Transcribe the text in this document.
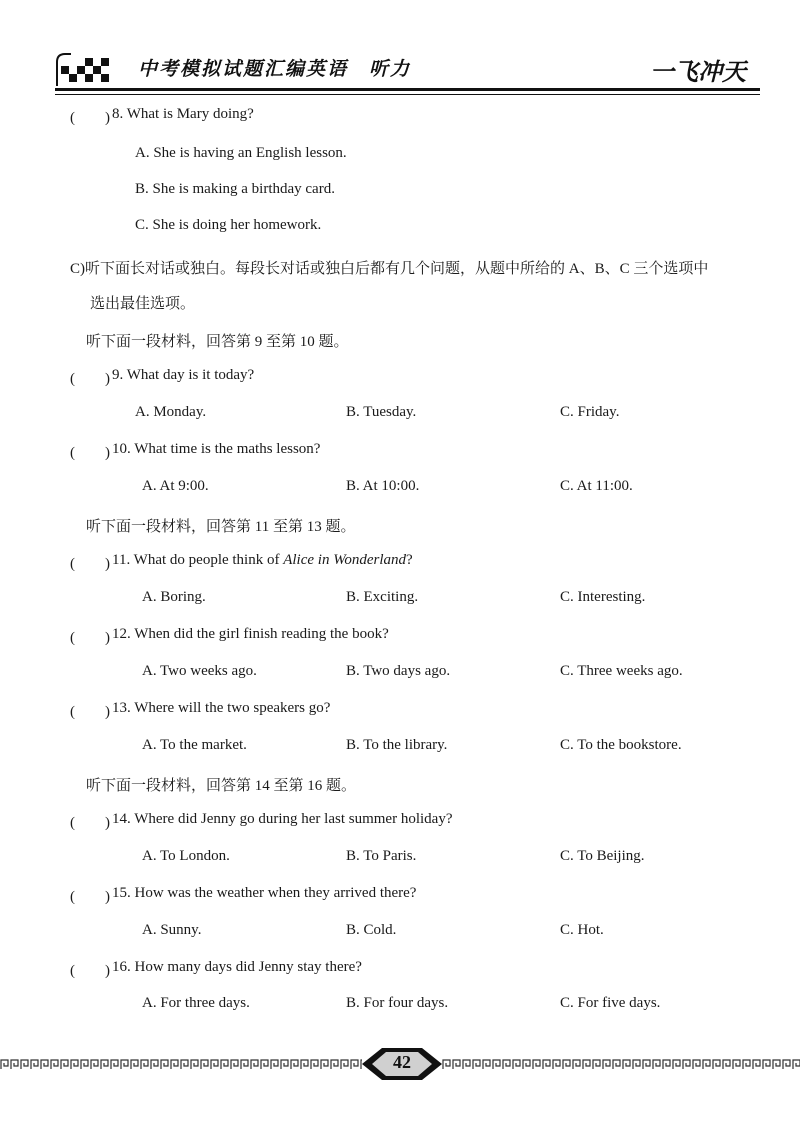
中考模拟试题汇编英语　听力	一飞冲天
(　　) 8. What is Mary doing?
A. She is having an English lesson.
B. She is making a birthday card.
C. She is doing her homework.
C)听下面长对话或独白。每段长对话或独白后都有几个问题，从题中所给的 A、B、C 三个选项中
选出最佳选项。
听下面一段材料，回答第 9 至第 10 题。
(　　) 9. What day is it today?
A. Monday.	B. Tuesday.	C. Friday.
(　　) 10. What time is the maths lesson?
A. At 9:00.	B. At 10:00.	C. At 11:00.
听下面一段材料，回答第 11 至第 13 题。
(　　) 11. What do people think of Alice in Wonderland?
A. Boring.	B. Exciting.	C. Interesting.
(　　) 12. When did the girl finish reading the book?
A. Two weeks ago.	B. Two days ago.	C. Three weeks ago.
(　　) 13. Where will the two speakers go?
A. To the market.	B. To the library.	C. To the bookstore.
听下面一段材料，回答第 14 至第 16 题。
(　　) 14. Where did Jenny go during her last summer holiday?
A. To London.	B. To Paris.	C. To Beijing.
(　　) 15. How was the weather when they arrived there?
A. Sunny.	B. Cold.	C. Hot.
(　　) 16. How many days did Jenny stay there?
A. For three days.	B. For four days.	C. For five days.
42
